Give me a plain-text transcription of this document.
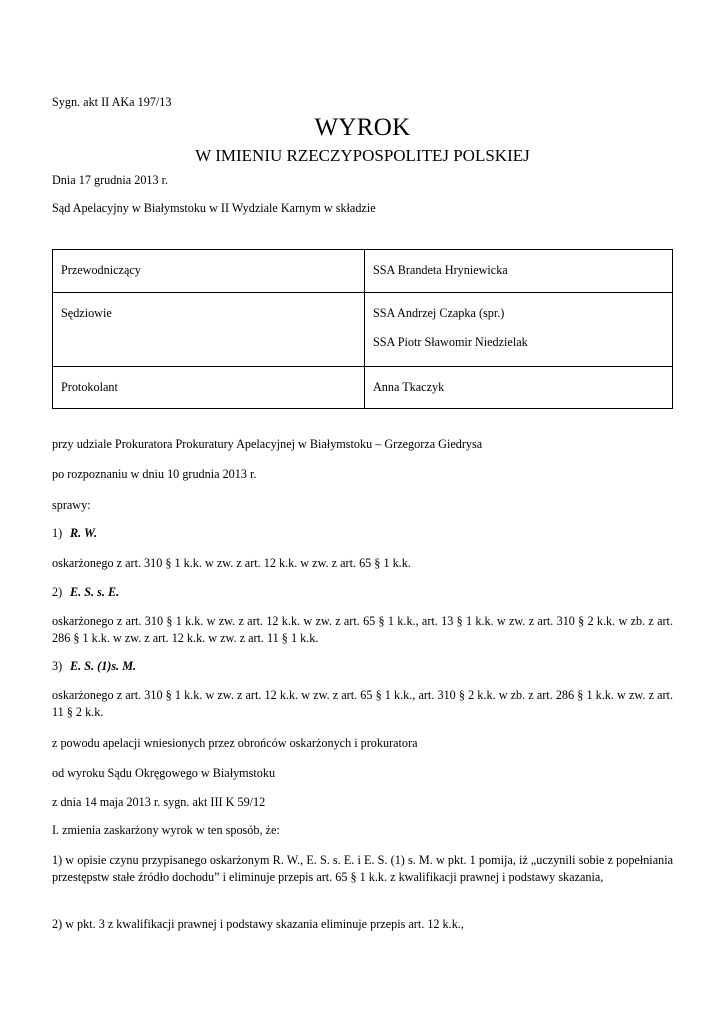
Sygn. akt II AKa 197/13

WYROK
W IMIENIU RZECZYPOSPOLITEJ POLSKIEJ

Dnia 17 grudnia 2013 r.

Sąd Apelacyjny w Białymstoku w II Wydziale Karnym w składzie

Przewodniczący	SSA Brandeta Hryniewicka
Sędziowie	SSA Andrzej Czapka (spr.)
SSA Piotr Sławomir Niedzielak

Protokolant	Anna Tkaczyk

przy udziale Prokuratora Prokuratury Apelacyjnej w Białymstoku – Grzegorza Giedrysa

po rozpoznaniu w dniu 10 grudnia 2013 r.

sprawy:

1) R. W.

oskarżonego z art. 310 § 1 k.k. w zw. z art. 12 k.k. w zw. z art. 65 § 1 k.k.

2) E. S. s. E.

oskarżonego z art. 310 § 1 k.k. w zw. z art. 12 k.k. w zw. z art. 65 § 1 k.k., art. 13 § 1 k.k. w zw. z art. 310 § 2 k.k. w zb. z art. 286 § 1 k.k. w zw. z art. 12 k.k. w zw. z art. 11 § 1 k.k.

3) E. S. (1)s. M.

oskarżonego z art. 310 § 1 k.k. w zw. z art. 12 k.k. w zw. z art. 65 § 1 k.k., art. 310 § 2 k.k. w zb. z art. 286 § 1 k.k. w zw. z art. 11 § 2 k.k.

z powodu apelacji wniesionych przez obrońców oskarżonych i prokuratora

od wyroku Sądu Okręgowego w Białymstoku

z dnia 14 maja 2013 r. sygn. akt III K 59/12

I. zmienia zaskarżony wyrok w ten sposób, że:

1) w opisie czynu przypisanego oskarżonym R. W., E. S. s. E. i E. S. (1) s. M. w pkt. 1 pomija, iż „uczynili sobie z popełniania przestępstw stałe źródło dochodu” i eliminuje przepis art. 65 § 1 k.k. z kwalifikacji prawnej i podstawy skazania,

2) w pkt. 3 z kwalifikacji prawnej i podstawy skazania eliminuje przepis art. 12 k.k.,
